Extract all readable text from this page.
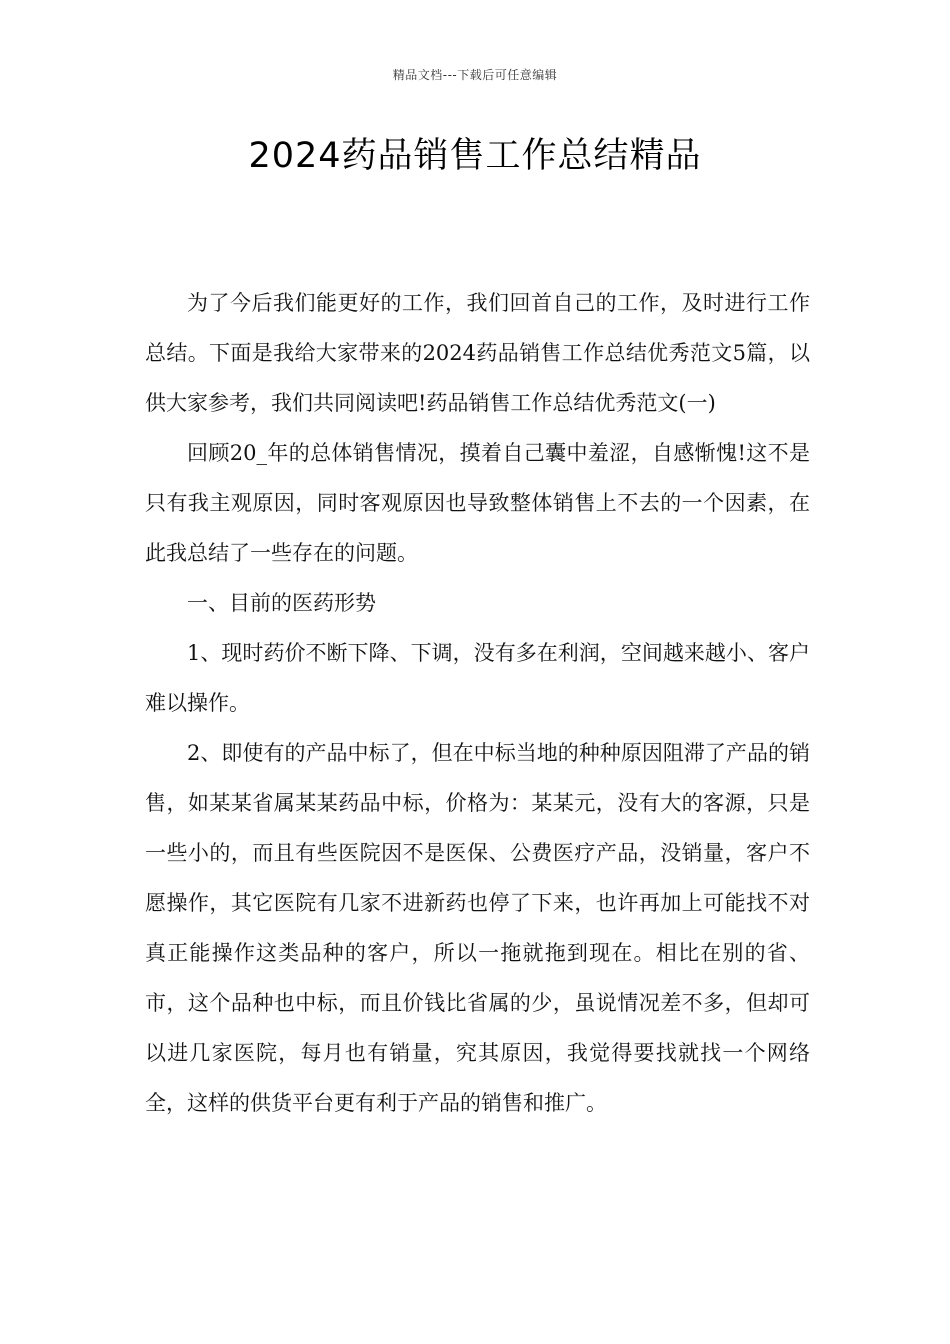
精品文档---下载后可任意编辑
2024药品销售工作总结精品

为了今后我们能更好的工作，我们回首自己的工作，及时进行工作总结。下面是我给大家带来的2024药品销售工作总结优秀范文5篇，以供大家参考，我们共同阅读吧!药品销售工作总结优秀范文(一)

回顾20_年的总体销售情况，摸着自己囊中羞涩，自感惭愧!这不是只有我主观原因，同时客观原因也导致整体销售上不去的一个因素，在此我总结了一些存在的问题。

一、目前的医药形势

1、现时药价不断下降、下调，没有多在利润，空间越来越小、客户难以操作。

2、即使有的产品中标了，但在中标当地的种种原因阻滞了产品的销售，如某某省属某某药品中标，价格为：某某元，没有大的客源，只是一些小的，而且有些医院因不是医保、公费医疗产品，没销量，客户不愿操作，其它医院有几家不进新药也停了下来，也许再加上可能找不对真正能操作这类品种的客户，所以一拖就拖到现在。相比在别的省、市，这个品种也中标，而且价钱比省属的少，虽说情况差不多，但却可以进几家医院，每月也有销量，究其原因，我觉得要找就找一个网络全，这样的供货平台更有利于产品的销售和推广。
